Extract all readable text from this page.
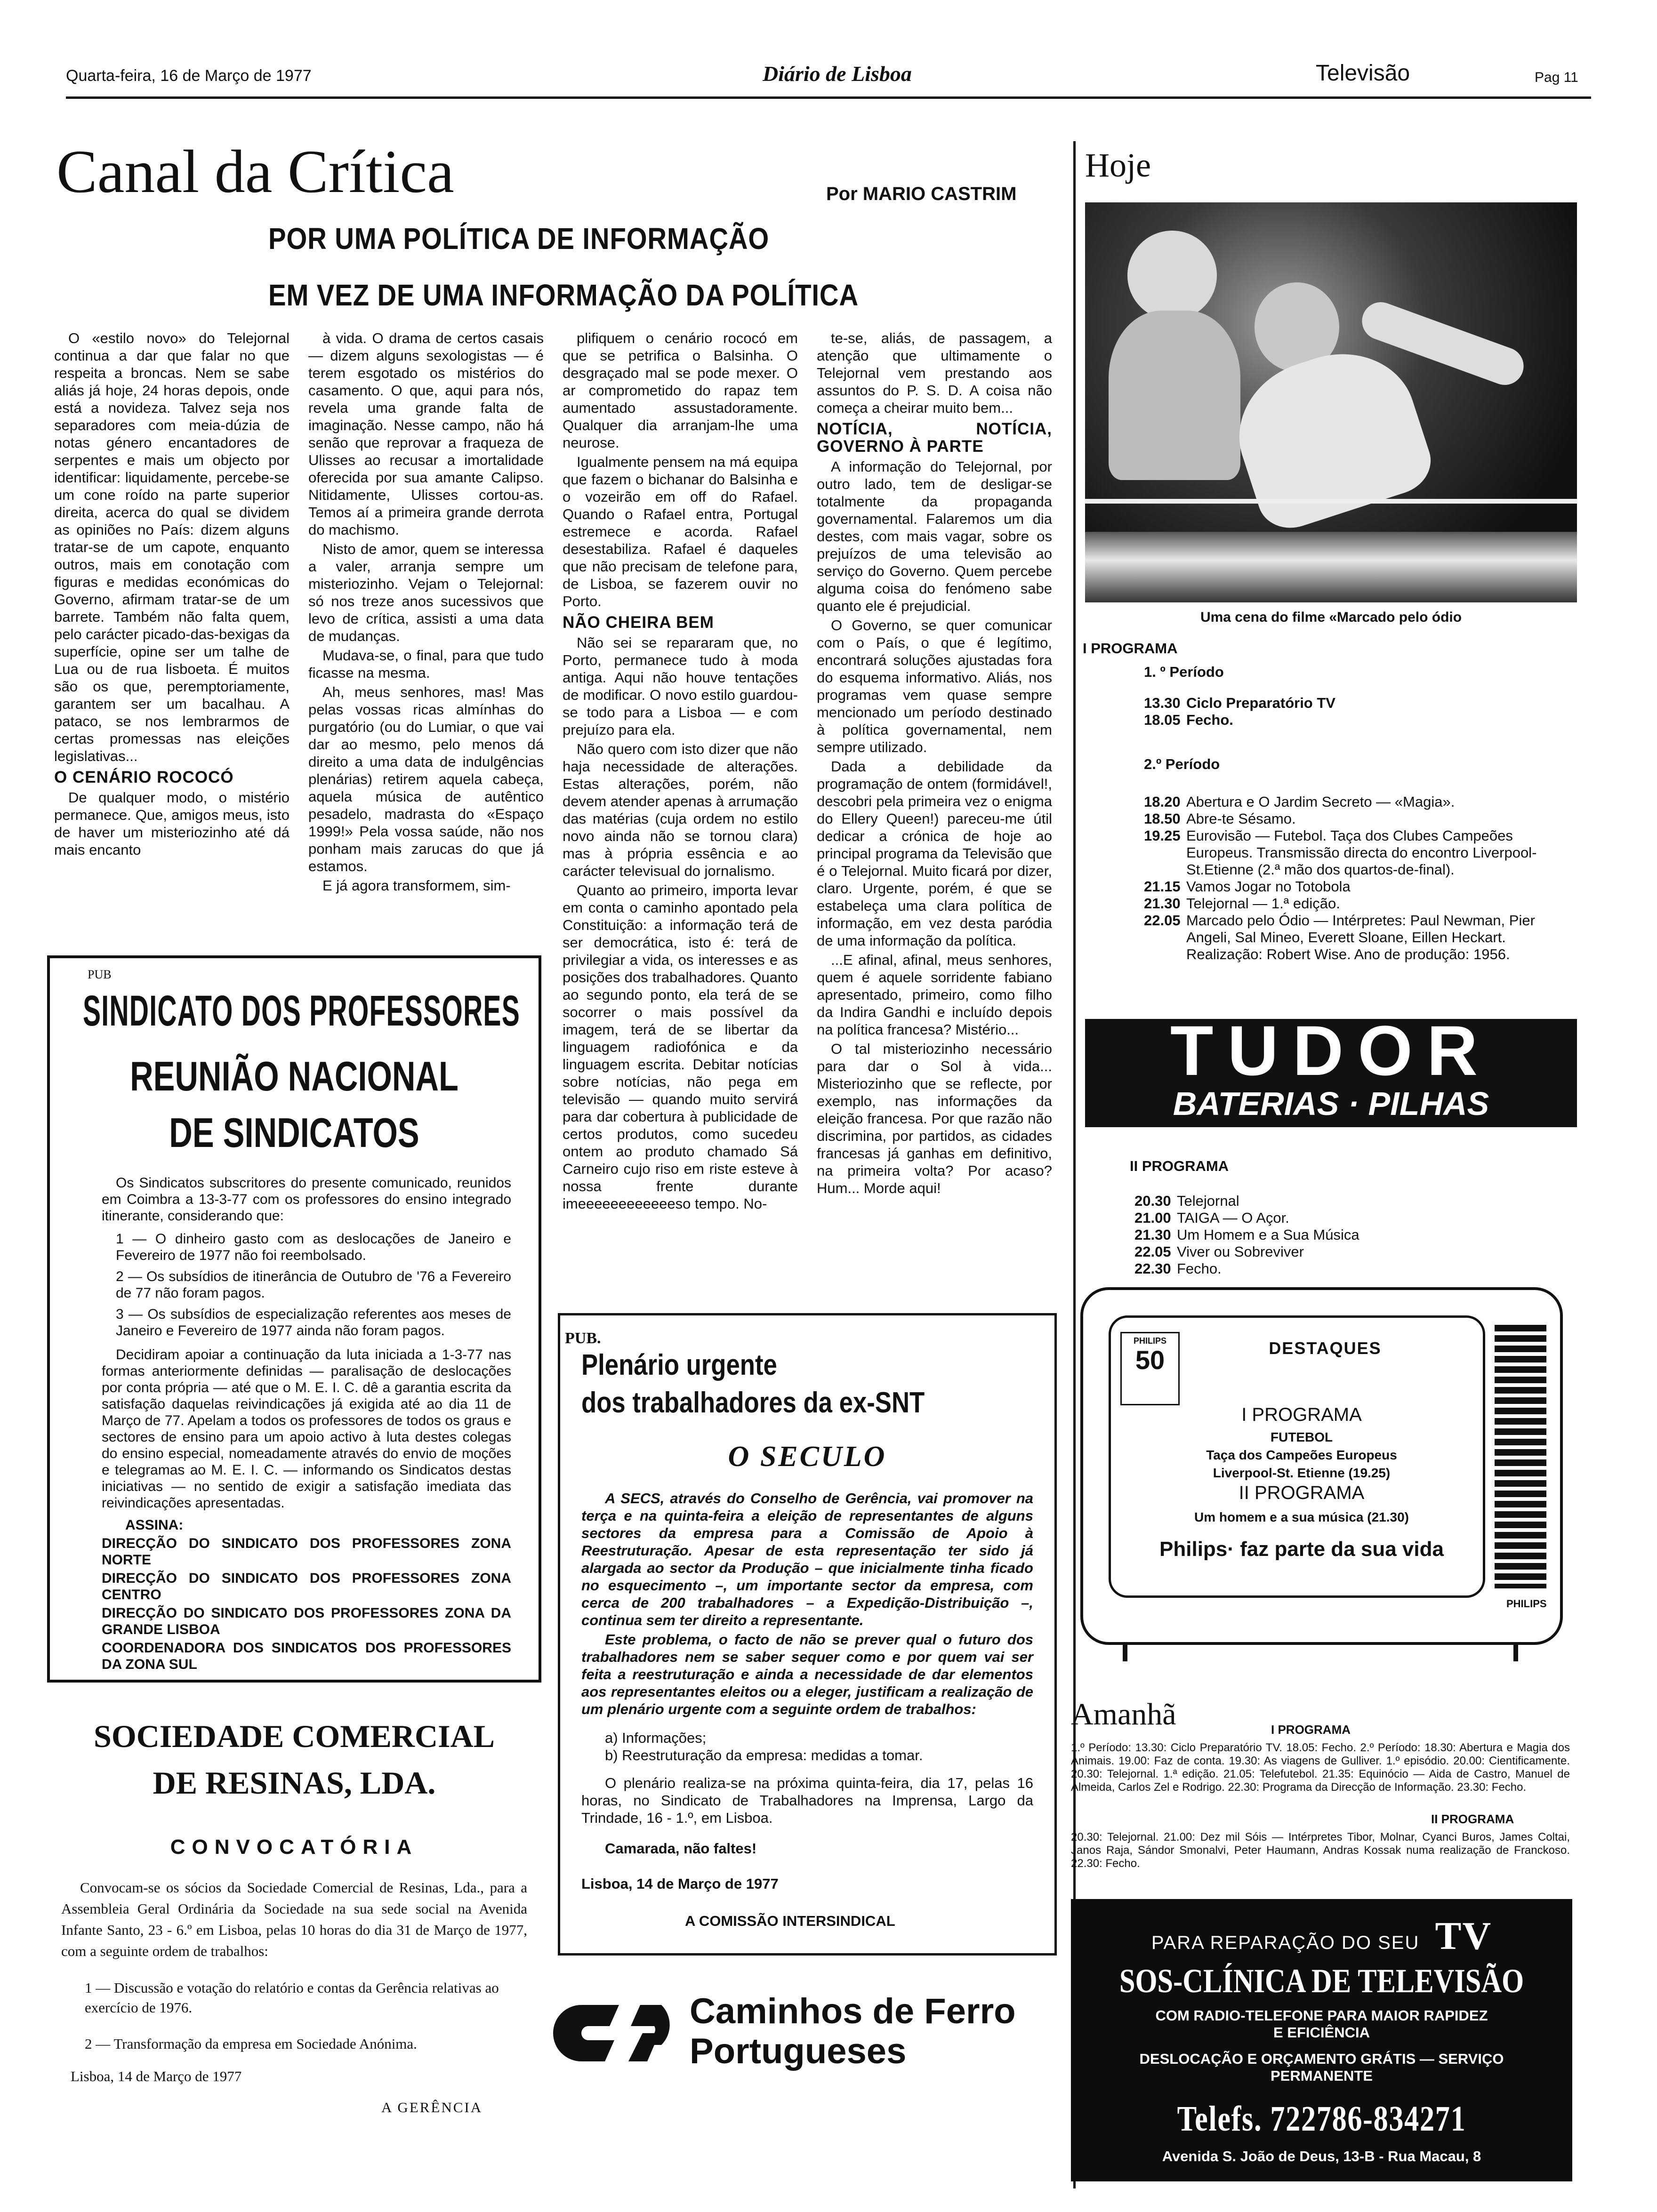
Quarta-feira, 16 de Março de 1977	Diário de Lisboa	Televisão	Pag 11
Canal da Crítica	Por MARIO CASTRIM
POR UMA POLÍTICA DE INFORMAÇÃO
EM VEZ DE UMA INFORMAÇÃO DA POLÍTICA

O «estilo novo» do Telejornal continua a dar que falar no que respeita a broncas. Nem se sabe aliás já hoje, 24 horas depois, onde está a novideza. Talvez seja nos separadores com meia-dúzia de notas género encantadores de serpentes e mais um objecto por identificar: liquidamente, percebe-se um cone roído na parte superior direita, acerca do qual se dividem as opiniões no País: dizem alguns tratar-se de um capote, enquanto outros, mais em conotação com figuras e medidas económicas do Governo, afirmam tratar-se de um barrete. Também não falta quem, pelo carácter picado-das-bexigas da superfície, opine ser um talhe de Lua ou de rua lisboeta. É muitos são os que, peremptoriamente, garantem ser um bacalhau. A pataco, se nos lembrarmos de certas promessas nas eleições legislativas...

O CENÁRIO ROCOCÓ

De qualquer modo, o mistério permanece. Que, amigos meus, isto de haver um misteriozinho até dá mais encanto

à vida. O drama de certos casais — dizem alguns sexologistas — é terem esgotado os mistérios do casamento. O que, aqui para nós, revela uma grande falta de imaginação. Nesse campo, não há senão que reprovar a fraqueza de Ulisses ao recusar a imortalidade oferecida por sua amante Calipso. Nitidamente, Ulisses cortou-as. Temos aí a primeira grande derrota do machismo.

Nisto de amor, quem se interessa a valer, arranja sempre um misteriozinho. Vejam o Telejornal: só nos treze anos sucessivos que levo de crítica, assisti a uma data de mudanças.

Mudava-se, o final, para que tudo ficasse na mesma.

Ah, meus senhores, mas! Mas pelas vossas ricas almínhas do purgatório (ou do Lumiar, o que vai dar ao mesmo, pelo menos dá direito a uma data de indulgências plenárias) retirem aquela cabeça, aquela música de autêntico pesadelo, madrasta do «Espaço 1999!» Pela vossa saúde, não nos ponham mais zarucas do que já estamos.

E já agora transformem, sim-

plifiquem o cenário rococó em que se petrifica o Balsinha. O desgraçado mal se pode mexer. O ar comprometido do rapaz tem aumentado assustadoramente. Qualquer dia arranjam-lhe uma neurose.

Igualmente pensem na má equipa que fazem o bichanar do Balsinha e o vozeirão em off do Rafael. Quando o Rafael entra, Portugal estremece e acorda. Rafael desestabiliza. Rafael é daqueles que não precisam de telefone para, de Lisboa, se fazerem ouvir no Porto.

NÃO CHEIRA BEM

Não sei se repararam que, no Porto, permanece tudo à moda antiga. Aqui não houve tentações de modificar. O novo estilo guardou-se todo para a Lisboa — e com prejuízo para ela.

Não quero com isto dizer que não haja necessidade de alterações. Estas alterações, porém, não devem atender apenas à arrumação das matérias (cuja ordem no estilo novo ainda não se tornou clara) mas à própria essência e ao carácter televisual do jornalismo.

Quanto ao primeiro, importa levar em conta o caminho apontado pela Constituição: a informação terá de ser democrática, isto é: terá de privilegiar a vida, os interesses e as posições dos trabalhadores. Quanto ao segundo ponto, ela terá de se socorrer o mais possível da imagem, terá de se libertar da linguagem radiofónica e da linguagem escrita. Debitar notícias sobre notícias, não pega em televisão — quando muito servirá para dar cobertura à publicidade de certos produtos, como sucedeu ontem ao produto chamado Sá Carneiro cujo riso em riste esteve à nossa frente durante imeeeeeeeeeeeeso tempo. No-

te-se, aliás, de passagem, a atenção que ultimamente o Telejornal vem prestando aos assuntos do P. S. D. A coisa não começa a cheirar muito bem...

NOTÍCIA, NOTÍCIA, GOVERNO À PARTE

A informação do Telejornal, por outro lado, tem de desligar-se totalmente da propaganda governamental. Falaremos um dia destes, com mais vagar, sobre os prejuízos de uma televisão ao serviço do Governo. Quem percebe alguma coisa do fenómeno sabe quanto ele é prejudicial.

O Governo, se quer comunicar com o País, o que é legítimo, encontrará soluções ajustadas fora do esquema informativo. Aliás, nos programas vem quase sempre mencionado um período destinado à política governamental, nem sempre utilizado.

Dada a debilidade da programação de ontem (formidável!, descobri pela primeira vez o enigma do Ellery Queen!) pareceu-me útil dedicar a crónica de hoje ao principal programa da Televisão que é o Telejornal. Muito ficará por dizer, claro. Urgente, porém, é que se estabeleça uma clara política de informação, em vez desta paródia de uma informação da política.

...E afinal, afinal, meus senhores, quem é aquele sorridente fabiano apresentado, primeiro, como filho da Indira Gandhi e incluído depois na política francesa? Mistério...

O tal misteriozinho necessário para dar o Sol à vida... Misteriozinho que se reflecte, por exemplo, nas informações da eleição francesa. Por que razão não discrimina, por partidos, as cidades francesas já ganhas em definitivo, na primeira volta? Por acaso? Hum... Morde aqui!

PUB
SINDICATO DOS PROFESSORES
REUNIÃO NACIONAL
DE SINDICATOS
Os Sindicatos subscritores do presente comunicado, reunidos em Coimbra a 13-3-77 com os professores do ensino integrado itinerante, considerando que:
1 — O dinheiro gasto com as deslocações de Janeiro e Fevereiro de 1977 não foi reembolsado.
2 — Os subsídios de itinerância de Outubro de '76 a Fevereiro de 77 não foram pagos.
3 — Os subsídios de especialização referentes aos meses de Janeiro e Fevereiro de 1977 ainda não foram pagos.
Decidiram apoiar a continuação da luta iniciada a 1-3-77 nas formas anteriormente definidas — paralisação de deslocações por conta própria — até que o M. E. I. C. dê a garantia escrita da satisfação daquelas reivindicações já exigida até ao dia 11 de Março de 77. Apelam a todos os professores de todos os graus e sectores de ensino para um apoio activo à luta destes colegas do ensino especial, nomeadamente através do envio de moções e telegramas ao M. E. I. C. — informando os Sindicatos destas iniciativas — no sentido de exigir a satisfação imediata das reivindicações apresentadas.
ASSINA:
DIRECÇÃO DO SINDICATO DOS PROFESSORES ZONA NORTE
DIRECÇÃO DO SINDICATO DOS PROFESSORES ZONA CENTRO
DIRECÇÃO DO SINDICATO DOS PROFESSORES ZONA DA GRANDE LISBOA
COORDENADORA DOS SINDICATOS DOS PROFESSORES DA ZONA SUL
SOCIEDADE COMERCIAL
DE RESINAS, LDA.
CONVOCATÓRIA
Convocam-se os sócios da Sociedade Comercial de Resinas, Lda., para a Assembleia Geral Ordinária da Sociedade na sua sede social na Avenida Infante Santo, 23 - 6.º em Lisboa, pelas 10 horas do dia 31 de Março de 1977, com a seguinte ordem de trabalhos:
1 — Discussão e votação do relatório e contas da Gerência relativas ao exercício de 1976.
2 — Transformação da empresa em Sociedade Anónima.
Lisboa, 14 de Março de 1977
A GERÊNCIA
PUB.
Plenário urgente
dos trabalhadores da ex-SNT
O SECULO
A SECS, através do Conselho de Gerência, vai promover na terça e na quinta-feira a eleição de representantes de alguns sectores da empresa para a Comissão de Apoio à Reestruturação. Apesar de esta representação ter sido já alargada ao sector da Produção – que inicialmente tinha ficado no esquecimento –, um importante sector da empresa, com cerca de 200 trabalhadores – a Expedição-Distribuição –, continua sem ter direito a representante.
Este problema, o facto de não se prever qual o futuro dos trabalhadores nem se saber sequer como e por quem vai ser feita a reestruturação e ainda a necessidade de dar elementos aos representantes eleitos ou a eleger, justificam a realização de um plenário urgente com a seguinte ordem de trabalhos:
a) Informações;
b) Reestruturação da empresa: medidas a tomar.
O plenário realiza-se na próxima quinta-feira, dia 17, pelas 16 horas, no Sindicato de Trabalhadores na Imprensa, Largo da Trindade, 16 - 1.º, em Lisboa.
Camarada, não faltes!
Lisboa, 14 de Março de 1977
A COMISSÃO INTERSINDICAL
Caminhos de Ferro
Portugueses
Hoje
Uma cena do filme «Marcado pelo ódio
I PROGRAMA
1. º Período
13.30 Ciclo Preparatório TV
18.05 Fecho.
2.º Período
18.20 Abertura e O Jardim Secreto — «Magia».
18.50 Abre-te Sésamo.
19.25 Eurovisão — Futebol. Taça dos Clubes Campeões Europeus. Transmissão directa do encontro Liverpool-St.Etienne (2.ª mão dos quartos-de-final).
21.15 Vamos Jogar no Totobola
21.30 Telejornal — 1.ª edição.
22.05 Marcado pelo Ódio — Intérpretes: Paul Newman, Pier Angeli, Sal Mineo, Everett Sloane, Eillen Heckart. Realização: Robert Wise. Ano de produção: 1956.
TUDOR
BATERIAS · PILHAS
II PROGRAMA
20.30 Telejornal
21.00 TAIGA — O Açor.
21.30 Um Homem e a Sua Música
22.05 Viver ou Sobreviver
22.30 Fecho.
PHILIPS
50	DESTAQUES
I PROGRAMA
FUTEBOL
Taça dos Campeões Europeus
Liverpool-St. Etienne (19.25)
II PROGRAMA
Um homem e a sua música (21.30)
Philips· faz parte da sua vida
PHILIPS
Amanhã	I PROGRAMA
1.º Período: 13.30: Ciclo Preparatório TV. 18.05: Fecho. 2.º Período: 18.30: Abertura e Magia dos Animais. 19.00: Faz de conta. 19.30: As viagens de Gulliver. 1.º episódio. 20.00: Cientificamente. 20.30: Telejornal. 1.ª edição. 21.05: Telefutebol. 21.35: Equinócio — Aida de Castro, Manuel de Almeida, Carlos Zel e Rodrigo. 22.30: Programa da Direcção de Informação. 23.30: Fecho.
II PROGRAMA
20.30: Telejornal. 21.00: Dez mil Sóis — Intérpretes Tibor, Molnar, Cyanci Buros, James Coltai, Janos Raja, Sándor Smonalvi, Peter Haumann, Andras Kossak numa realização de Franckoso. 22.30: Fecho.
PARA REPARAÇÃO DO SEU TV
SOS-CLÍNICA DE TELEVISÃO
COM RADIO-TELEFONE PARA MAIOR RAPIDEZ
E EFICIÊNCIA
DESLOCAÇÃO E ORÇAMENTO GRÁTIS — SERVIÇO
PERMANENTE
Telefs. 722786-834271
Avenida S. João de Deus, 13-B - Rua Macau, 8
